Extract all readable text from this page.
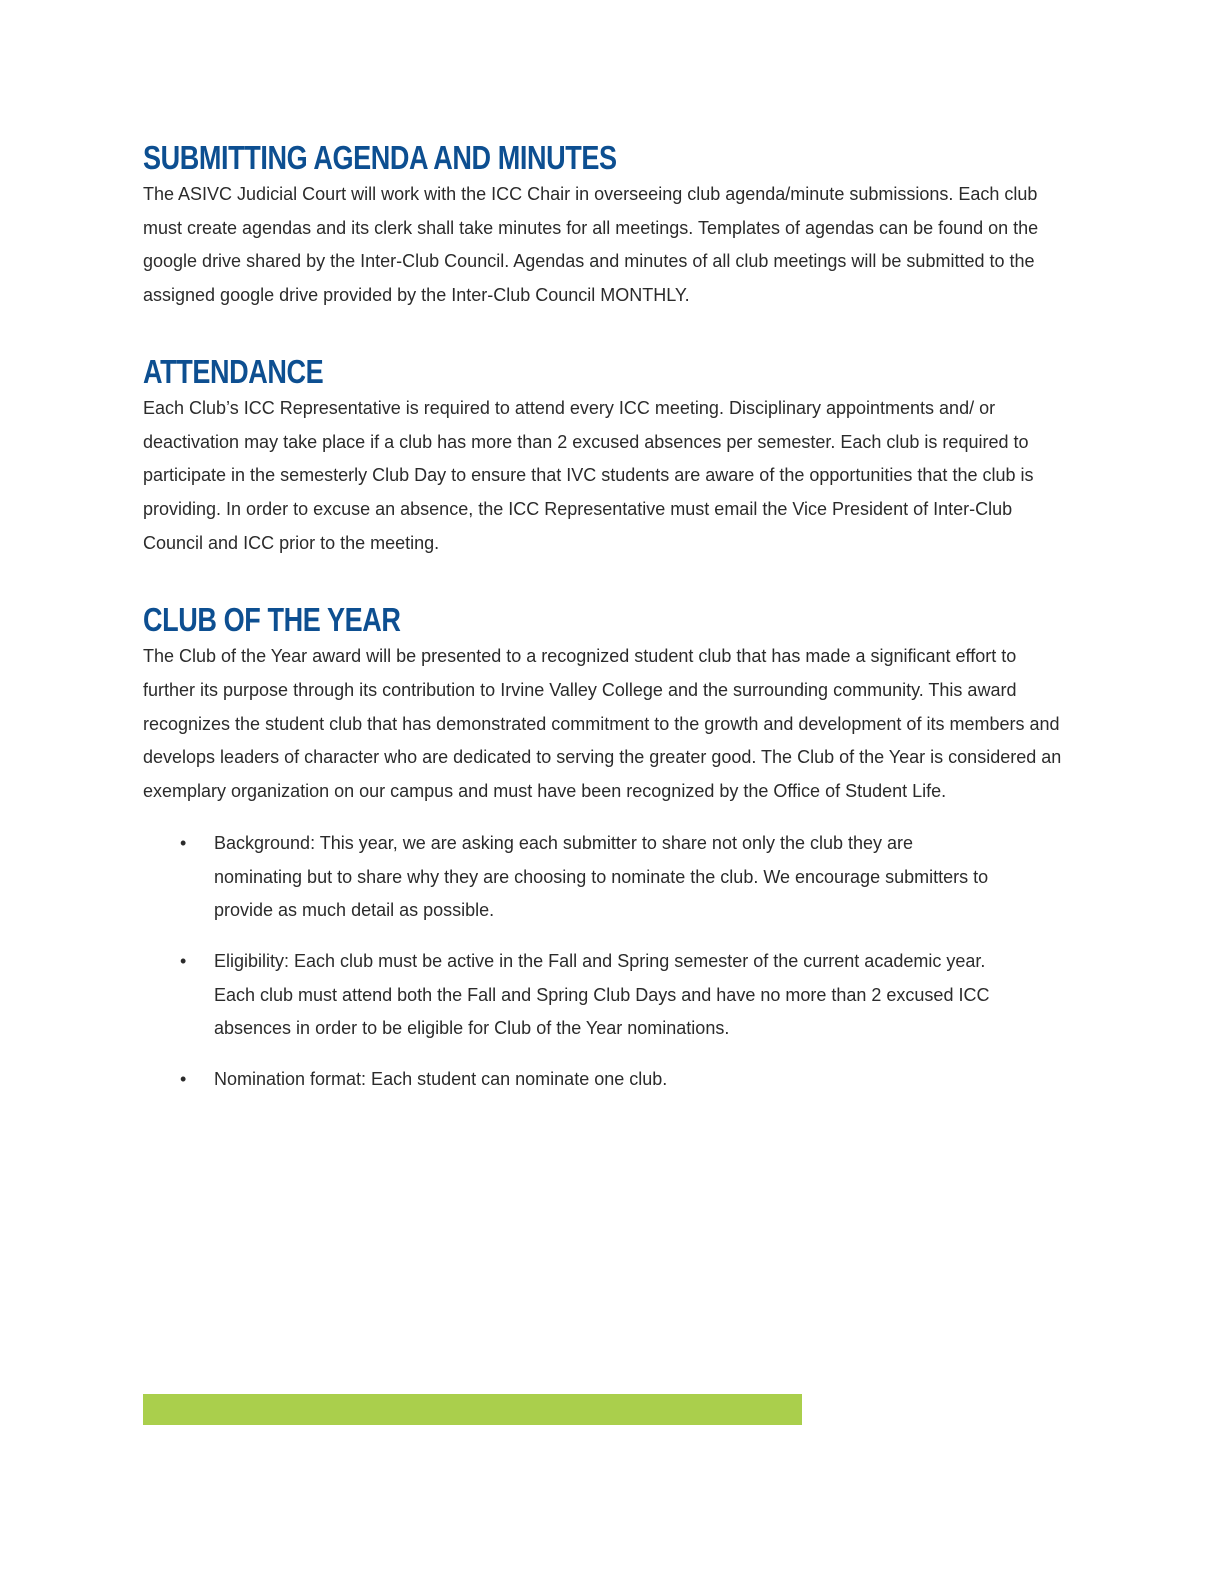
SUBMITTING AGENDA AND MINUTES

The ASIVC Judicial Court will work with the ICC Chair in overseeing club agenda/minute submissions. Each club must create agendas and its clerk shall take minutes for all meetings. Templates of agendas can be found on the google drive shared by the Inter-Club Council. Agendas and minutes of all club meetings will be submitted to the assigned google drive provided by the Inter-Club Council MONTHLY.

ATTENDANCE

Each Club’s ICC Representative is required to attend every ICC meeting. Disciplinary appointments and/ or deactivation may take place if a club has more than 2 excused absences per semester. Each club is required to participate in the semesterly Club Day to ensure that IVC students are aware of the opportunities that the club is providing. In order to excuse an absence, the ICC Representative must email the Vice President of Inter-Club Council and ICC prior to the meeting.

CLUB OF THE YEAR

The Club of the Year award will be presented to a recognized student club that has made a significant effort to further its purpose through its contribution to Irvine Valley College and the surrounding community. This award recognizes the student club that has demonstrated commitment to the growth and development of its members and develops leaders of character who are dedicated to serving the greater good. The Club of the Year is considered an exemplary organization on our campus and must have been recognized by the Office of Student Life.

• Background: This year, we are asking each submitter to share not only the club they are nominating but to share why they are choosing to nominate the club. We encourage submitters to provide as much detail as possible.

• Eligibility: Each club must be active in the Fall and Spring semester of the current academic year. Each club must attend both the Fall and Spring Club Days and have no more than 2 excused ICC absences in order to be eligible for Club of the Year nominations.

• Nomination format: Each student can nominate one club.
